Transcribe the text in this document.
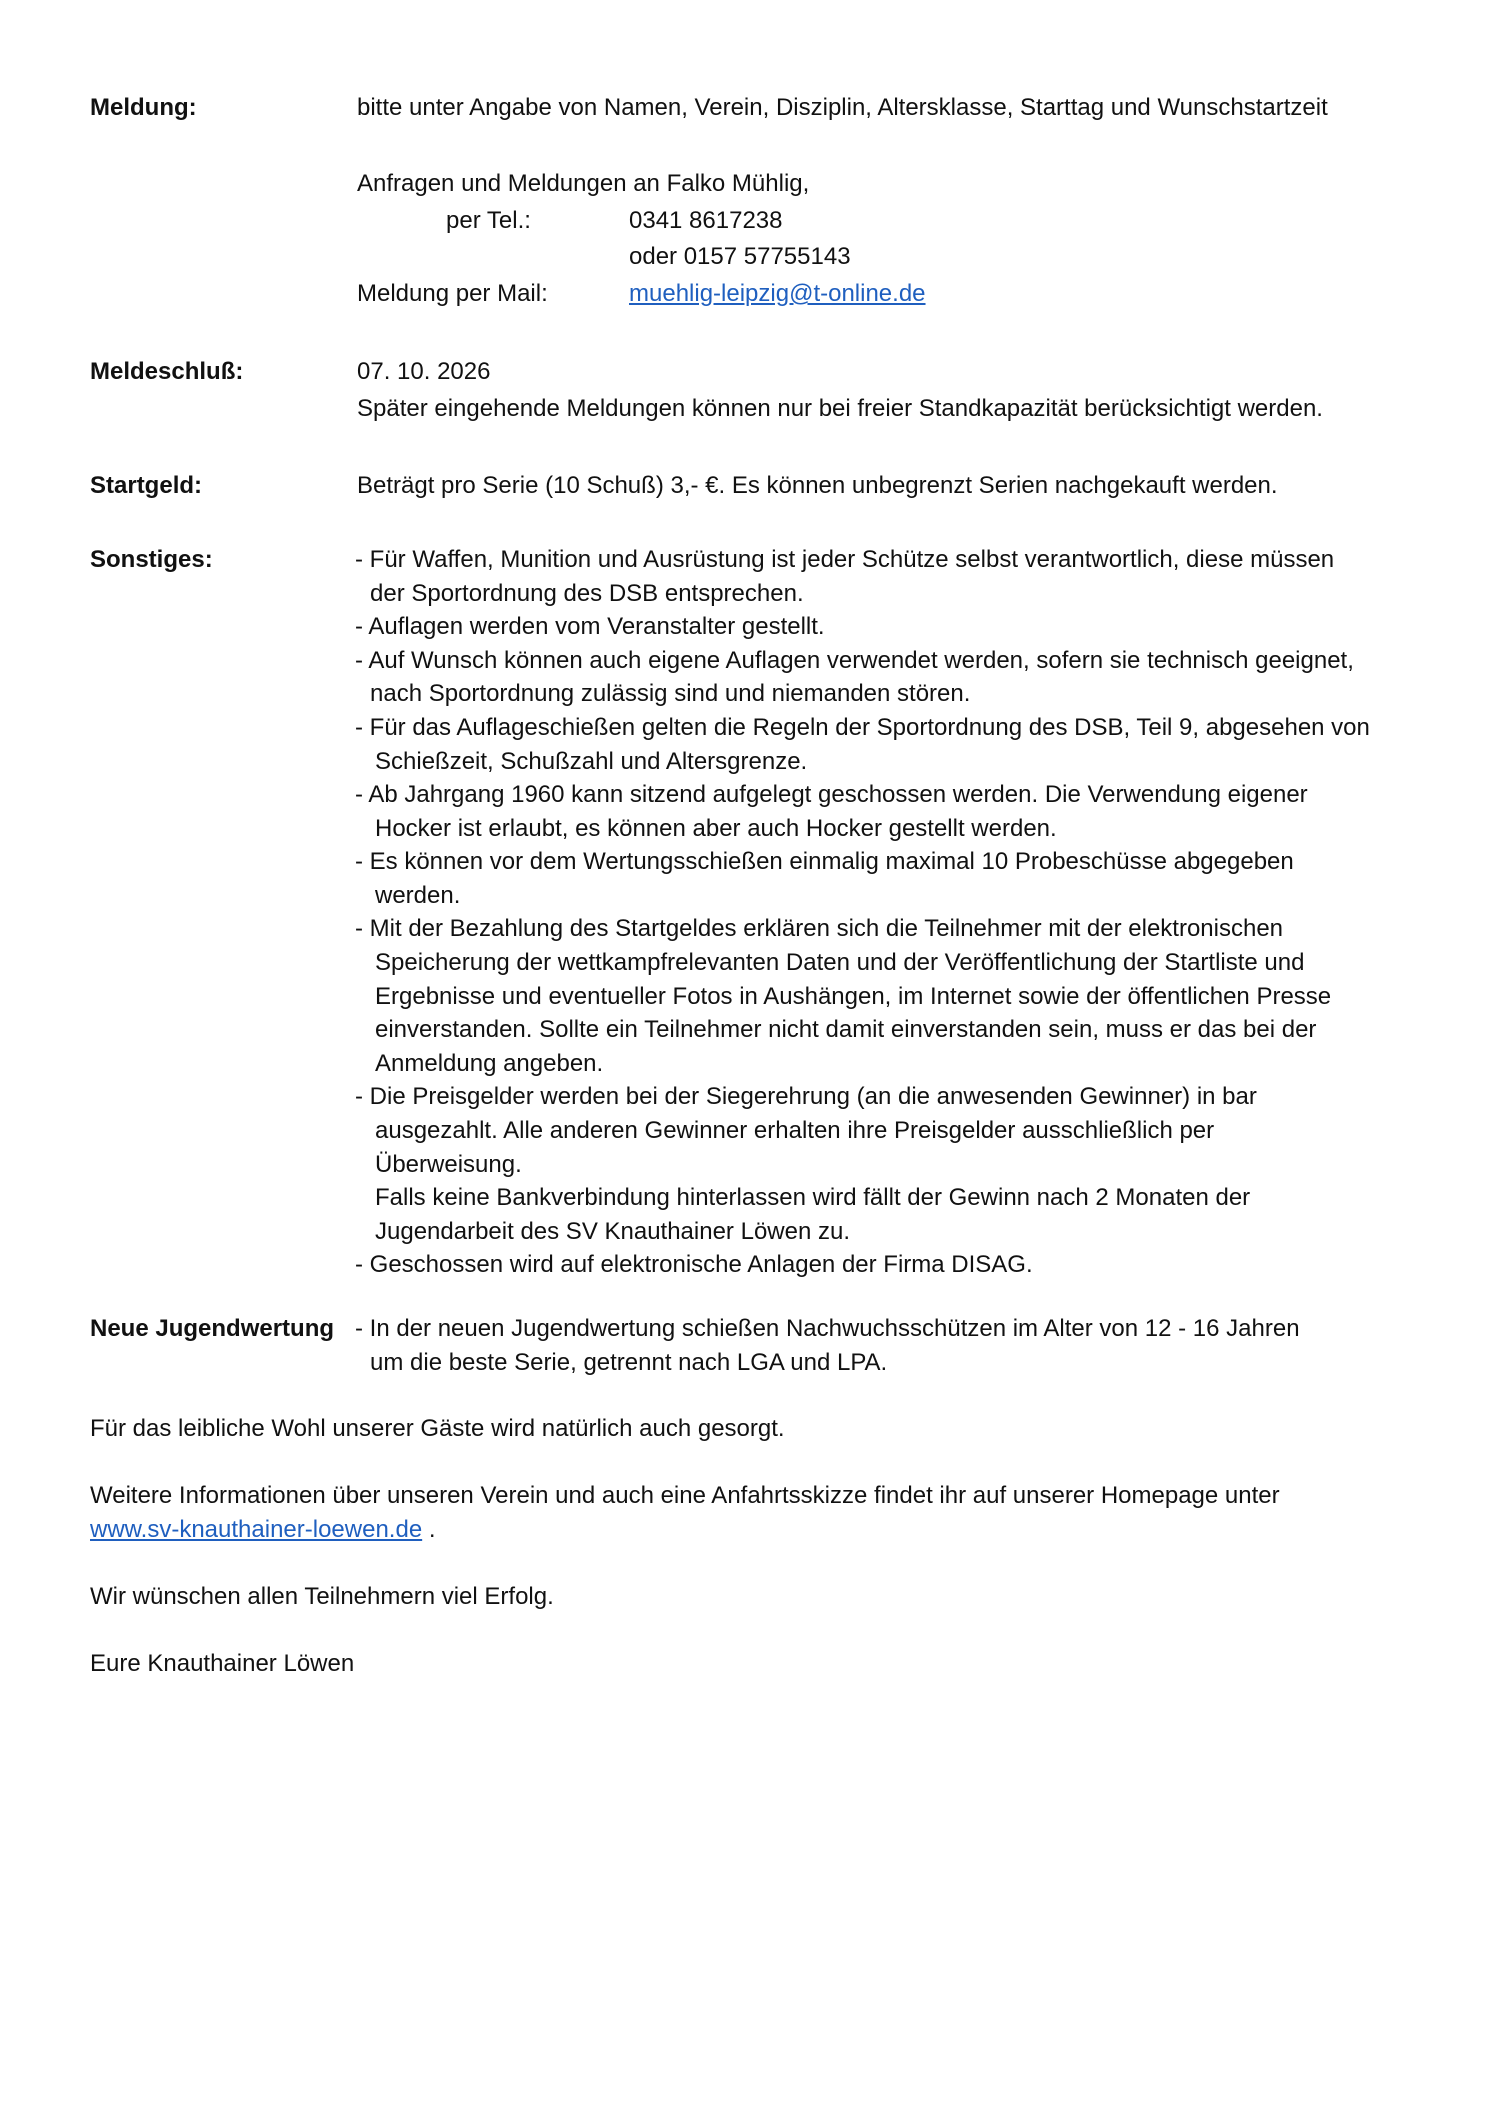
Meldung:	bitte unter Angabe von Namen, Verein, Disziplin, Altersklasse, Starttag und Wunschstartzeit
Anfragen und Meldungen an Falko Mühlig,
per Tel.:	0341 8617238
oder 0157 57755143
Meldung per Mail:	muehlig-leipzig@t-online.de
Meldeschluß:	07. 10. 2026
Später eingehende Meldungen können nur bei freier Standkapazität berücksichtigt werden.
Startgeld:	Beträgt pro Serie (10 Schuß) 3,- €. Es können unbegrenzt Serien nachgekauft werden.
Sonstiges:	- Für Waffen, Munition und Ausrüstung ist jeder Schütze selbst verantwortlich, diese müssen
der Sportordnung des DSB entsprechen.
- Auflagen werden vom Veranstalter gestellt.
- Auf Wunsch können auch eigene Auflagen verwendet werden, sofern sie technisch geeignet,
nach Sportordnung zulässig sind und niemanden stören.
- Für das Auflageschießen gelten die Regeln der Sportordnung des DSB, Teil 9, abgesehen von
Schießzeit, Schußzahl und Altersgrenze.
- Ab Jahrgang 1960 kann sitzend aufgelegt geschossen werden. Die Verwendung eigener
Hocker ist erlaubt, es können aber auch Hocker gestellt werden.
- Es können vor dem Wertungsschießen einmalig maximal 10 Probeschüsse abgegeben
werden.
- Mit der Bezahlung des Startgeldes erklären sich die Teilnehmer mit der elektronischen
Speicherung der wettkampfrelevanten Daten und der Veröffentlichung der Startliste und
Ergebnisse und eventueller Fotos in Aushängen, im Internet sowie der öffentlichen Presse
einverstanden. Sollte ein Teilnehmer nicht damit einverstanden sein, muss er das bei der
Anmeldung angeben.
- Die Preisgelder werden bei der Siegerehrung (an die anwesenden Gewinner) in bar
ausgezahlt. Alle anderen Gewinner erhalten ihre Preisgelder ausschließlich per
Überweisung.
Falls keine Bankverbindung hinterlassen wird fällt der Gewinn nach 2 Monaten der
Jugendarbeit des SV Knauthainer Löwen zu.
- Geschossen wird auf elektronische Anlagen der Firma DISAG.
Neue Jugendwertung - In der neuen Jugendwertung schießen Nachwuchsschützen im Alter von 12 - 16 Jahren
um die beste Serie, getrennt nach LGA und LPA.
Für das leibliche Wohl unserer Gäste wird natürlich auch gesorgt.
Weitere Informationen über unseren Verein und auch eine Anfahrtsskizze findet ihr auf unserer Homepage unter
www.sv-knauthainer-loewen.de .
Wir wünschen allen Teilnehmern viel Erfolg.
Eure Knauthainer Löwen
